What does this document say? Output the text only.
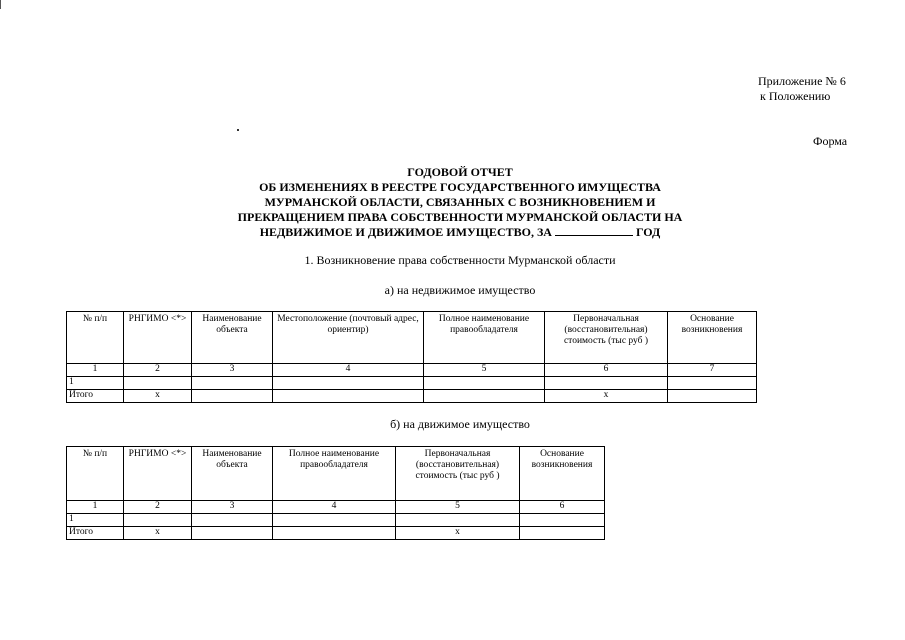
Приложение № 6
к Положению
Форма
ГОДОВОЙ ОТЧЕТ
ОБ ИЗМЕНЕНИЯХ В РЕЕСТРЕ ГОСУДАРСТВЕННОГО ИМУЩЕСТВА
МУРМАНСКОЙ ОБЛАСТИ, СВЯЗАННЫХ С ВОЗНИКНОВЕНИЕМ И
ПРЕКРАЩЕНИЕМ ПРАВА СОБСТВЕННОСТИ МУРМАНСКОЙ ОБЛАСТИ НА
НЕДВИЖИМОЕ И ДВИЖИМОЕ ИМУЩЕСТВО, ЗА	ГОД
1. Возникновение права собственности Мурманской области
а) на недвижимое имущество
№ п/п	РНГИМО <*>	Наименование объекта	Местоположение (почтовый адрес, ориентир)	Полное наименование правообладателя	Первоначальная (восстановительная) стоимость (тыс руб )	Основание возникновения
1	2	3	4	5	6	7
1						
Итого	x				x	
б) на движимое имущество
№ п/п	РНГИМО <*>	Наименование объекта	Полное наименование правообладателя	Первоначальная (восстановительная) стоимость (тыс руб )	Основание возникновения
1	2	3	4	5	6
1					
Итого	x			x	
